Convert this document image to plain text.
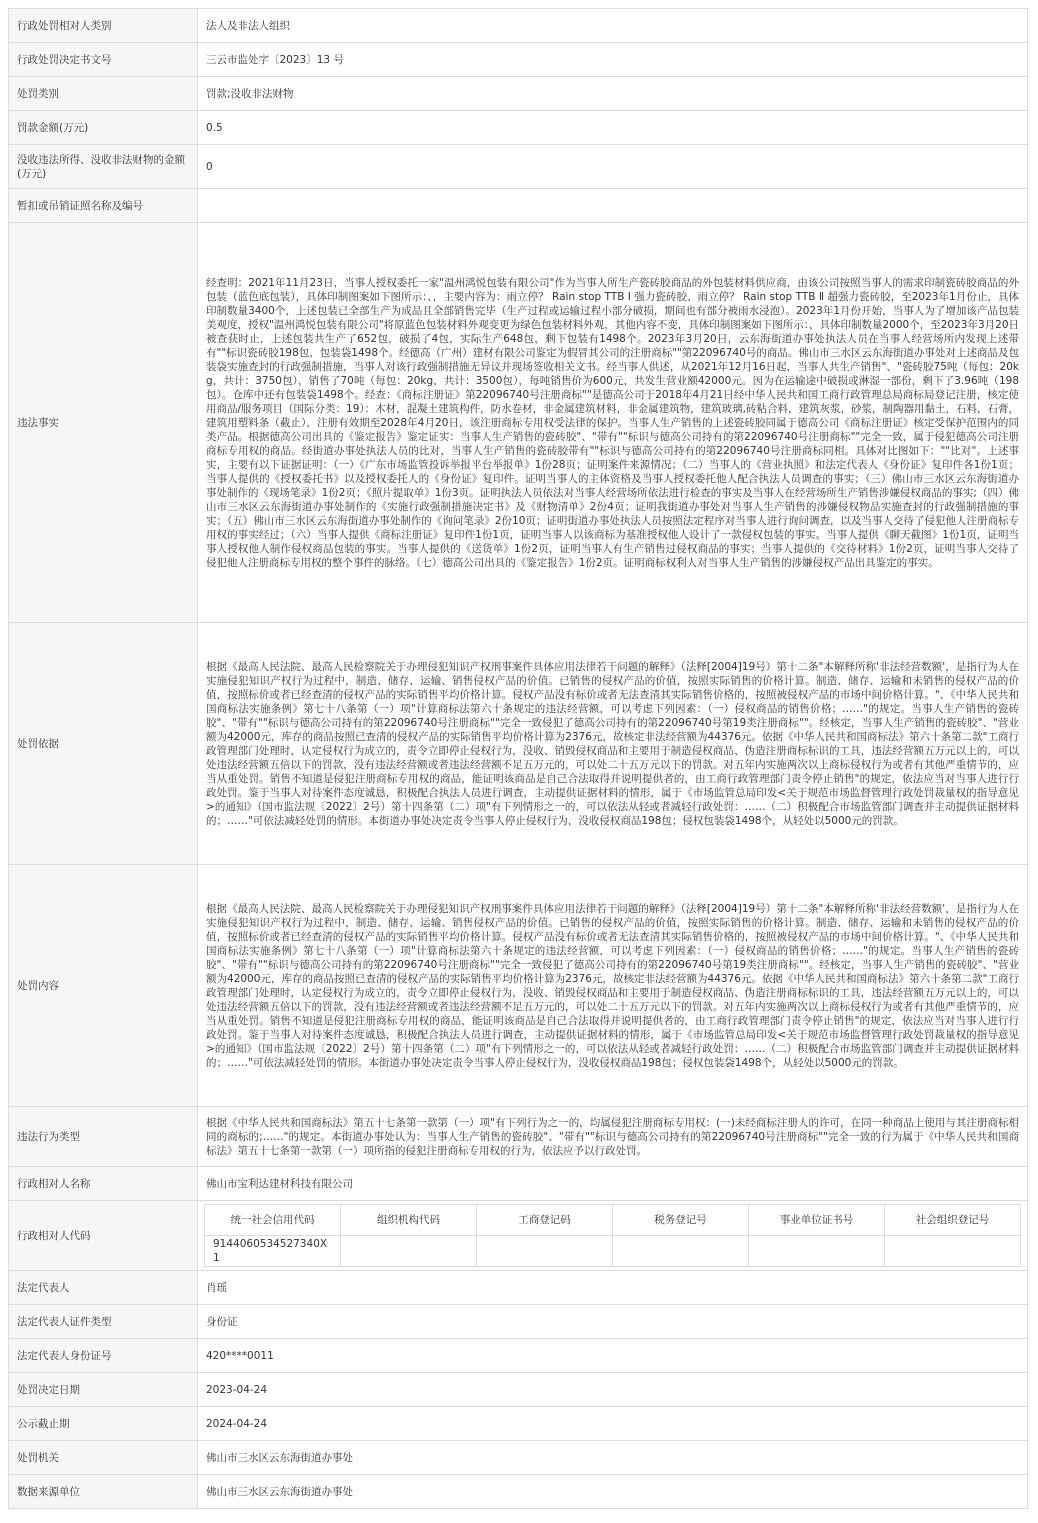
行政处罚相对人类别	法人及非法人组织
行政处罚决定书文号	三云市监处字〔2023〕13 号
处罚类别	罚款;没收非法财物
罚款金额(万元)	0.5
没收违法所得、没收非法财物的金额(万元)	0
暂扣或吊销证照名称及编号	
违法事实	经查明：2021年11月23日，当事人授权委托一家"温州鸿悦包装有限公司"作为当事人所生产瓷砖胶商品的外包装材料供应商，由该公司按照当事人的需求印制瓷砖胶商品的外包装（蓝色底包装），具体印制图案如下图所示：、，主要内容为：雨立停？ Rain stop TTB Ⅰ 强力瓷砖胶、雨立停？ Rain stop TTB Ⅱ 超强力瓷砖胶，至2023年1月份止，具体印制数量3400个，上述包装已全部生产为成品且全部销售完毕（生产过程或运输过程小部分破损，期间也有部分被雨水浸泡）。2023年1月份开始，当事人为了增加该产品包装美观度，授权"温州鸿悦包装有限公司"将原蓝色包装材料外观变更为绿色包装材料外观，其他内容不变，具体印制图案如下图所示：，具体印制数量2000个，至2023年3月20日被查获时止，上述包装共生产了652包，破损了4包，实际生产648包，剩下包装有1498个。2023年3月20日，云东海街道办事处执法人员在当事人经营场所内发现上述带有""标识瓷砖胶198包，包装袋1498个。经德高（广州）建材有限公司鉴定为假冒其公司的注册商标""第22096740号的商品。佛山市三水区云东海街道办事处对上述商品及包装袋实施查封的行政强制措施，当事人对该行政强制措施无异议并现场签收相关文书。经当事人供述，从2021年12月16日起，当事人共生产销售"、"瓷砖胶75吨（每包：20kg，共计：3750包），销售了70吨（每包：20kg，共计：3500包），每吨销售价为600元，共发生营业额42000元。因为在运输途中破损或淋湿一部份，剩下了3.96吨（198包）。仓库中还有包装袋1498个。经查：《商标注册证》第22096740号注册商标""是德高公司于2018年4月21日经中华人民共和国工商行政管理总局商标局登记注册，核定使用商品/服务项目（国际分类：19）：木材，混凝土建筑构件，防水卷材，非金属建筑材料，非金属建筑物，建筑玻璃,砖粘合料，建筑灰浆，砂浆，制陶器用黏土，石料，石膏，建筑用塑料条（截止），注册有效期至2028年4月20日，该注册商标专用权受法律的保护。当事人生产销售的上述瓷砖胶同属于德高公司《商标注册证》核定受保护范围内的同类产品。根据德高公司出具的《鉴定报告》鉴定证实：当事人生产销售的瓷砖胶"、"带有""标识与德高公司持有的第22096740号注册商标""完全一致，属于侵犯德高公司注册商标专用权的商品。经街道办事处执法人员的比对，当事人生产销售的瓷砖胶带有""标识与德高公司持有的第22096740号注册商标同相。具体对比图如下：""比对"。上述事实，主要有以下证据证明：（一）《广东市场监管投诉举报平台举报单》1份28页；证明案件来源情况；（二）当事人的《营业执照》和法定代表人《身份证》复印件各1份1页；当事人提供的《授权委托书》以及授权委托人的《身份证》复印件。证明当事人的主体资格及当事人授权委托他人配合执法人员调查的事实；（三）佛山市三水区云东海街道办事处制作的《现场笔录》1份2页；《照片提取单》1份3页。证明执法人员依法对当事人经营场所依法进行检查的事实及当事人在经营场所生产销售涉嫌侵权商品的事实;（四）佛山市三水区云东海街道办事处制作的《实施行政强制措施决定书》及《财物清单》2份4页；证明我街道办事处对当事人生产销售的涉嫌侵权物品实施查封的行政强制措施的事实；（五）佛山市三水区云东海街道办事处制作的《询问笔录》2份10页；证明街道办事处执法人员按照法定程序对当事人进行询问调查，以及当事人交待了侵犯他人注册商标专用权的事实经过；（六）当事人提供《商标注册证》复印件1份1页，证明当事人以该商标为基准授权他人设计了一款侵权包装的事实。当事人提供《聊天截图》1份1页，证明当事人授权他人制作侵权商品包装的事实。当事人提供的《送货单》1份2页，证明当事人有生产销售过侵权商品的事实；当事人提供的《交待材料》1份2页，证明当事人交待了侵犯他人注册商标专用权的整个事件的脉络。（七）德高公司出具的《鉴定报告》1份2页。证明商标权利人对当事人生产销售的涉嫌侵权产品出具鉴定的事实。
处罚依据	根据《最高人民法院、最高人民检察院关于办理侵犯知识产权刑事案件具体应用法律若干问题的解释》（法释[2004]19号）第十二条"本解释所称'非法经营数额'，是指行为人在实施侵犯知识产权行为过程中，制造、储存、运输、销售侵权产品的价值。已销售的侵权产品的价值，按照实际销售的价格计算。制造、储存、运输和未销售的侵权产品的价值，按照标价或者已经查清的侵权产品的实际销售平均价格计算。侵权产品没有标价或者无法查清其实际销售价格的，按照被侵权产品的市场中间价格计算。"、《中华人民共和国商标法实施条例》第七十八条第（一）项"计算商标法第六十条规定的违法经营额，可以考虑下列因素：（一）侵权商品的销售价格；……"的规定。当事人生产销售的瓷砖胶"、"带有""标识与德高公司持有的第22096740号注册商标""完全一致侵犯了德高公司持有的第22096740号第19类注册商标""。经核定，当事人生产销售的瓷砖胶"、"营业额为42000元，库存的商品按照已查清的侵权产品的实际销售平均价格计算为2376元，故核定非法经营额为44376元。依据《中华人民共和国商标法》第六十条第二款"工商行政管理部门处理时，认定侵权行为成立的，责令立即停止侵权行为，没收、销毁侵权商品和主要用于制造侵权商品、伪造注册商标标识的工具，违法经营额五万元以上的，可以处违法经营额五倍以下的罚款，没有违法经营额或者违法经营额不足五万元的，可以处二十五万元以下的罚款。对五年内实施两次以上商标侵权行为或者有其他严重情节的，应当从重处罚。销售不知道是侵犯注册商标专用权的商品，能证明该商品是自己合法取得并说明提供者的，由工商行政管理部门责令停止销售"的规定，依法应当对当事人进行行政处罚。鉴于当事人对待案件态度诚恳，积极配合执法人员进行调查，主动提供证据材料的情形，属于《市场监管总局印发<关于规范市场监督管理行政处罚裁量权的指导意见>的通知》（国市监法规〔2022〕2号）第十四条第（二）项"有下列情形之一的，可以依法从轻或者减轻行政处罚：……（二）积极配合市场监管部门调查并主动提供证据材料的；……"可依法减轻处罚的情形。本街道办事处决定责令当事人停止侵权行为，没收侵权商品198包；侵权包装袋1498个，从轻处以5000元的罚款。
处罚内容	根据《最高人民法院、最高人民检察院关于办理侵犯知识产权刑事案件具体应用法律若干问题的解释》（法释[2004]19号）第十二条"本解释所称'非法经营数额'，是指行为人在实施侵犯知识产权行为过程中，制造、储存、运输、销售侵权产品的价值。已销售的侵权产品的价值，按照实际销售的价格计算。制造、储存、运输和未销售的侵权产品的价值，按照标价或者已经查清的侵权产品的实际销售平均价格计算。侵权产品没有标价或者无法查清其实际销售价格的，按照被侵权产品的市场中间价格计算。"、《中华人民共和国商标法实施条例》第七十八条第（一）项"计算商标法第六十条规定的违法经营额，可以考虑下列因素：（一）侵权商品的销售价格；……"的规定。当事人生产销售的瓷砖胶"、"带有""标识与德高公司持有的第22096740号注册商标""完全一致侵犯了德高公司持有的第22096740号第19类注册商标""。经核定，当事人生产销售的瓷砖胶"、"营业额为42000元，库存的商品按照已查清的侵权产品的实际销售平均价格计算为2376元，故核定非法经营额为44376元。依据《中华人民共和国商标法》第六十条第二款"工商行政管理部门处理时，认定侵权行为成立的，责令立即停止侵权行为，没收、销毁侵权商品和主要用于制造侵权商品、伪造注册商标标识的工具，违法经营额五万元以上的，可以处违法经营额五倍以下的罚款，没有违法经营额或者违法经营额不足五万元的，可以处二十五万元以下的罚款。对五年内实施两次以上商标侵权行为或者有其他严重情节的，应当从重处罚。销售不知道是侵犯注册商标专用权的商品，能证明该商品是自己合法取得并说明提供者的，由工商行政管理部门责令停止销售"的规定，依法应当对当事人进行行政处罚。鉴于当事人对待案件态度诚恳，积极配合执法人员进行调查，主动提供证据材料的情形，属于《市场监管总局印发<关于规范市场监督管理行政处罚裁量权的指导意见>的通知》（国市监法规〔2022〕2号）第十四条第（二）项"有下列情形之一的，可以依法从轻或者减轻行政处罚：……（二）积极配合市场监管部门调查并主动提供证据材料的；……"可依法减轻处罚的情形。本街道办事处决定责令当事人停止侵权行为，没收侵权商品198包；侵权包装袋1498个，从轻处以5000元的罚款。
违法行为类型	根据《中华人民共和国商标法》第五十七条第一款第（一）项"有下列行为之一的，均属侵犯注册商标专用权：(一)未经商标注册人的许可，在同一种商品上使用与其注册商标相同的商标的;……"的规定。本街道办事处认为：当事人生产销售的瓷砖胶"、"带有""标识与德高公司持有的第22096740号注册商标""完全一致的行为属于《中华人民共和国商标法》第五十七条第一款第（一）项所指的侵犯注册商标专用权的行为，依法应予以行政处罚。
行政相对人名称	佛山市宝利达建材科技有限公司
行政相对人代码	
统一社会信用代码	组织机构代码	工商登记码	税务登记号	事业单位证书号	社会组织登记号
9144060534527340X1					

法定代表人	肖瑶
法定代表人证件类型	身份证
法定代表人身份证号	420****0011
处罚决定日期	2023-04-24
公示截止期	2024-04-24
处罚机关	佛山市三水区云东海街道办事处
数据来源单位	佛山市三水区云东海街道办事处
